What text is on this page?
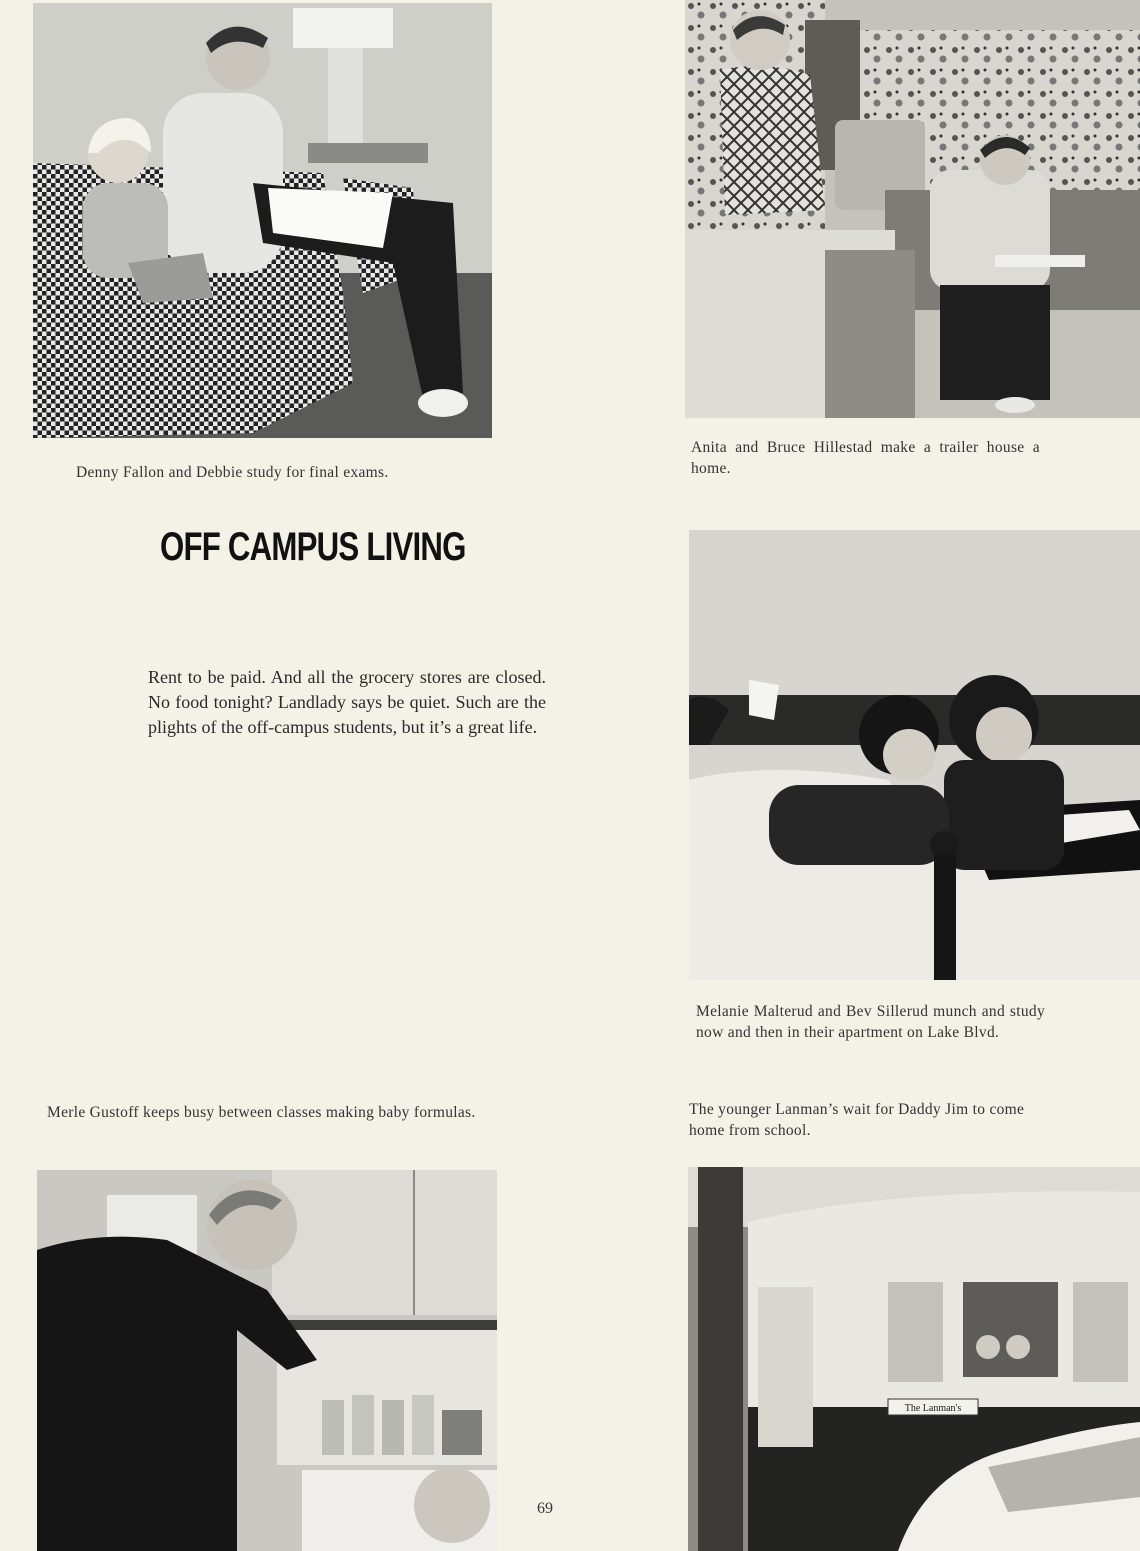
The Lanman's
Denny Fallon and Debbie study for final exams.
Anita and Bruce Hillestad make a trailer house a home.
OFF CAMPUS LIVING
Rent to be paid. And all the grocery stores are closed. No food tonight? Landlady says be quiet. Such are the plights of the off-campus students, but it’s a great life.
Melanie Malterud and Bev Sillerud munch and study now and then in their apartment on Lake Blvd.
Merle Gustoff keeps busy between classes making baby formulas.	The younger Lanman’s wait for Daddy Jim to come home from school.
69
